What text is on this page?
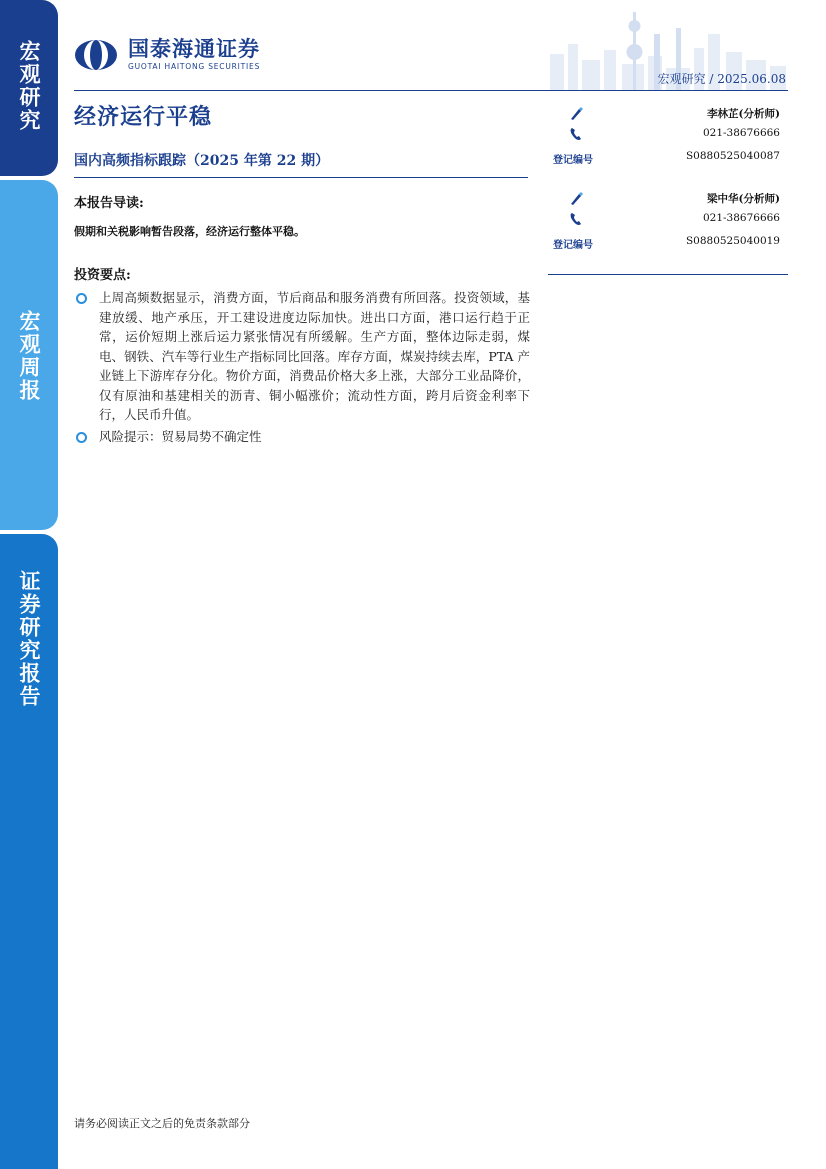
宏观研究
宏观周报
证券研究报告
国泰海通证券
GUOTAI HAITONG SECURITIES
宏观研究 / 2025.06.08
经济运行平稳
国内高频指标跟踪（2025 年第 22 期）
本报告导读:
假期和关税影响暂告段落，经济运行整体平稳。
投资要点:
上周高频数据显示，消费方面，节后商品和服务消费有所回落。投资领域，基建放缓、地产承压，开工建设进度边际加快。进出口方面，港口运行趋于正常，运价短期上涨后运力紧张情况有所缓解。生产方面，整体边际走弱，煤电、钢铁、汽车等行业生产指标同比回落。库存方面，煤炭持续去库，PTA 产业链上下游库存分化。物价方面，消费品价格大多上涨，大部分工业品降价，仅有原油和基建相关的沥青、铜小幅涨价；流动性方面，跨月后资金利率下行，人民币升值。
风险提示：贸易局势不确定性
李林芷(分析师)
021-38676666
登记编号	S0880525040087
梁中华(分析师)
021-38676666
登记编号	S0880525040019
请务必阅读正文之后的免责条款部分
